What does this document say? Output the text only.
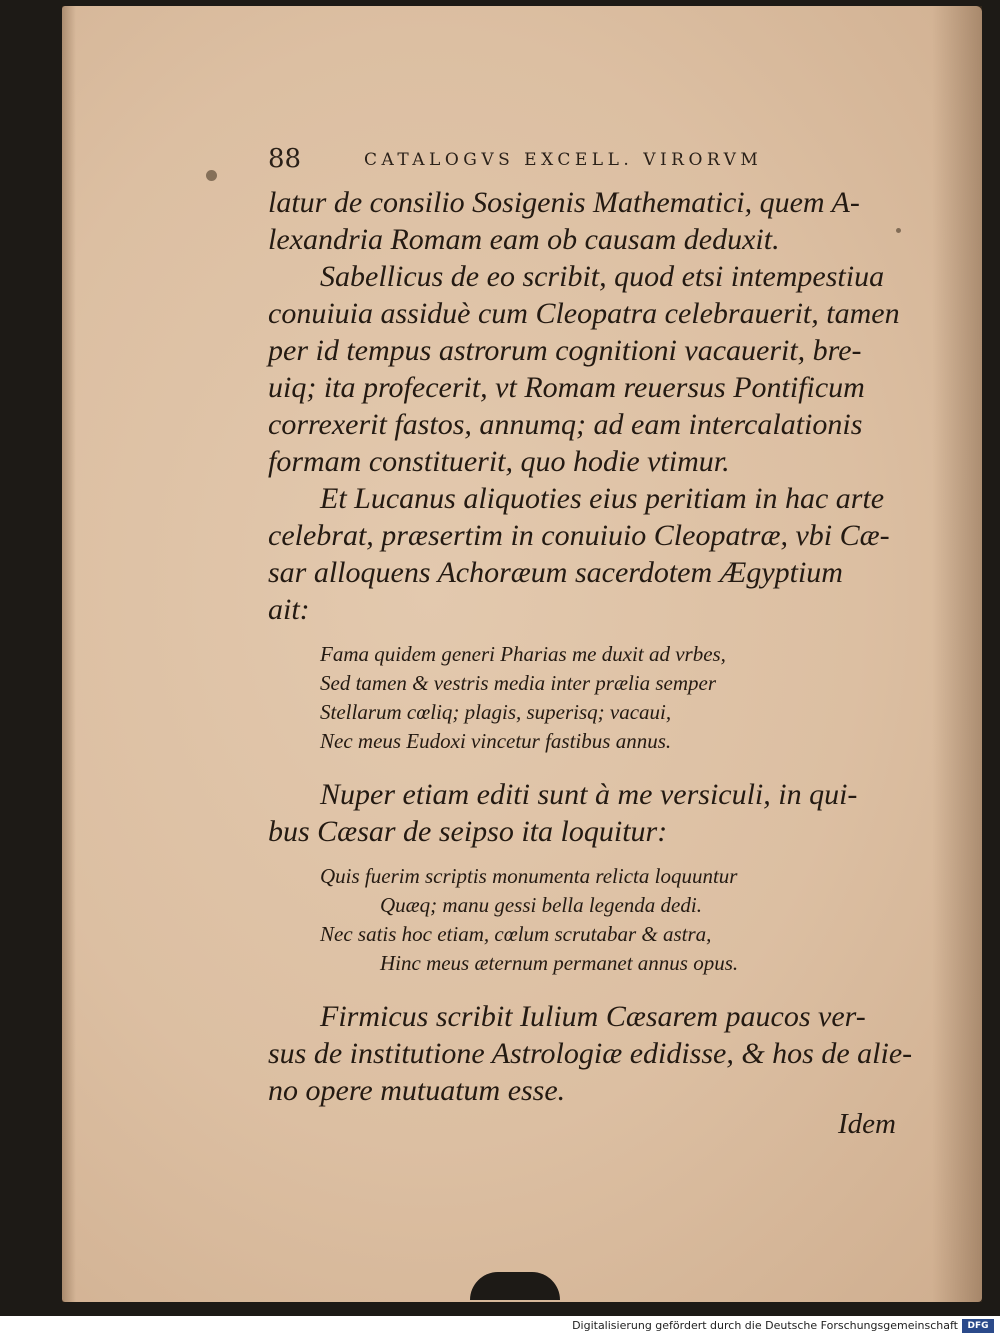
88	CATALOGVS EXCELL. VIRORVM
latur de consilio Sosigenis Mathematici, quem A-
lexandria Romam eam ob causam deduxit.
Sabellicus de eo scribit, quod etsi intempestiua
conuiuia assiduè cum Cleopatra celebrauerit, tamen
per id tempus astrorum cognitioni vacauerit, bre-
uiq; ita profecerit, vt Romam reuersus Pontificum
correxerit fastos, annumq; ad eam intercalationis
formam constituerit, quo hodie vtimur.
Et Lucanus aliquoties eius peritiam in hac arte
celebrat, præsertim in conuiuio Cleopatræ, vbi Cæ-
sar alloquens Achoræum sacerdotem Ægyptium
ait:
Fama quidem generi Pharias me duxit ad vrbes,
Sed tamen & vestris media inter prælia semper
Stellarum cœliq; plagis, superisq; vacaui,
Nec meus Eudoxi vincetur fastibus annus.
Nuper etiam editi sunt à me versiculi, in qui-
bus Cæsar de seipso ita loquitur:
Quis fuerim scriptis monumenta relicta loquuntur
Quæq; manu gessi bella legenda dedi.
Nec satis hoc etiam, cœlum scrutabar & astra,
Hinc meus æternum permanet annus opus.
Firmicus scribit Iulium Cæsarem paucos ver-
sus de institutione Astrologiæ edidisse, & hos de alie-
no opere mutuatum esse.
Idem
Digitalisierung gefördert durch die Deutsche Forschungsgemeinschaft	DFG
